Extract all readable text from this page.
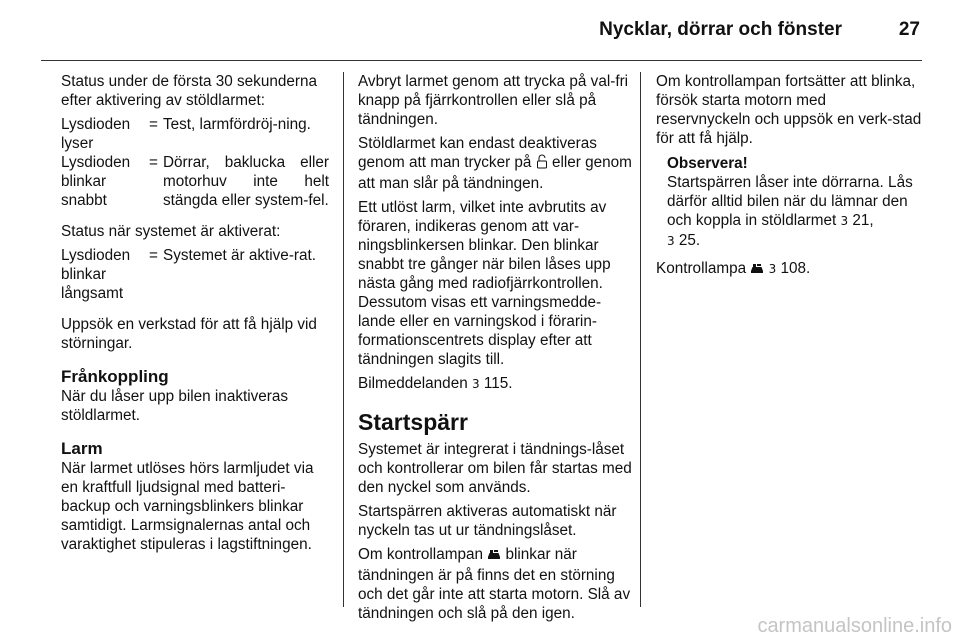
Nycklar, dörrar och fönster	27

Status under de första 30 sekunderna efter aktivering av stöldlarmet:

Lysdioden lyser
= Test, larmfördröj-ning.
Lysdioden blinkar snabbt
= Dörrar, baklucka eller motorhuv inte helt stängda eller system-fel.

Status när systemet är aktiverat:

Lysdioden blinkar långsamt
= Systemet är aktive-rat.

Uppsök en verkstad för att få hjälp vid störningar.

Frånkoppling

När du låser upp bilen inaktiveras stöldlarmet.

Larm

När larmet utlöses hörs larmljudet via en kraftfull ljudsignal med batteri-backup och varningsblinkers blinkar samtidigt. Larmsignalernas antal och varaktighet stipuleras i lagstiftningen.

Avbryt larmet genom att trycka på val-fri knapp på fjärrkontrollen eller slå på tändningen.

Stöldlarmet kan endast deaktiveras genom att man trycker på eller genom att man slår på tändningen.

Ett utlöst larm, vilket inte avbrutits av föraren, indikeras genom att var-ningsblinkersen blinkar. Den blinkar snabbt tre gånger när bilen låses upp nästa gång med radiofjärrkontrollen. Dessutom visas ett varningsmedde-lande eller en varningskod i förarin-formationscentrets display efter att tändningen slagits till.

Bilmeddelanden 3 115.

Startspärr

Systemet är integrerat i tändnings-låset och kontrollerar om bilen får startas med den nyckel som används.

Startspärren aktiveras automatiskt när nyckeln tas ut ur tändningslåset.

Om kontrollampan blinkar när tändningen är på finns det en störning och det går inte att starta motorn. Slå av tändningen och slå på den igen.

Om kontrollampan fortsätter att blinka, försök starta motorn med reservnyckeln och uppsök en verk-stad för att få hjälp.

Observera!
Startspärren låser inte dörrarna. Lås därför alltid bilen när du lämnar den och koppla in stöldlarmet 3 21,
3 25.

Kontrollampa 3 108.

carmanualsonline.info
